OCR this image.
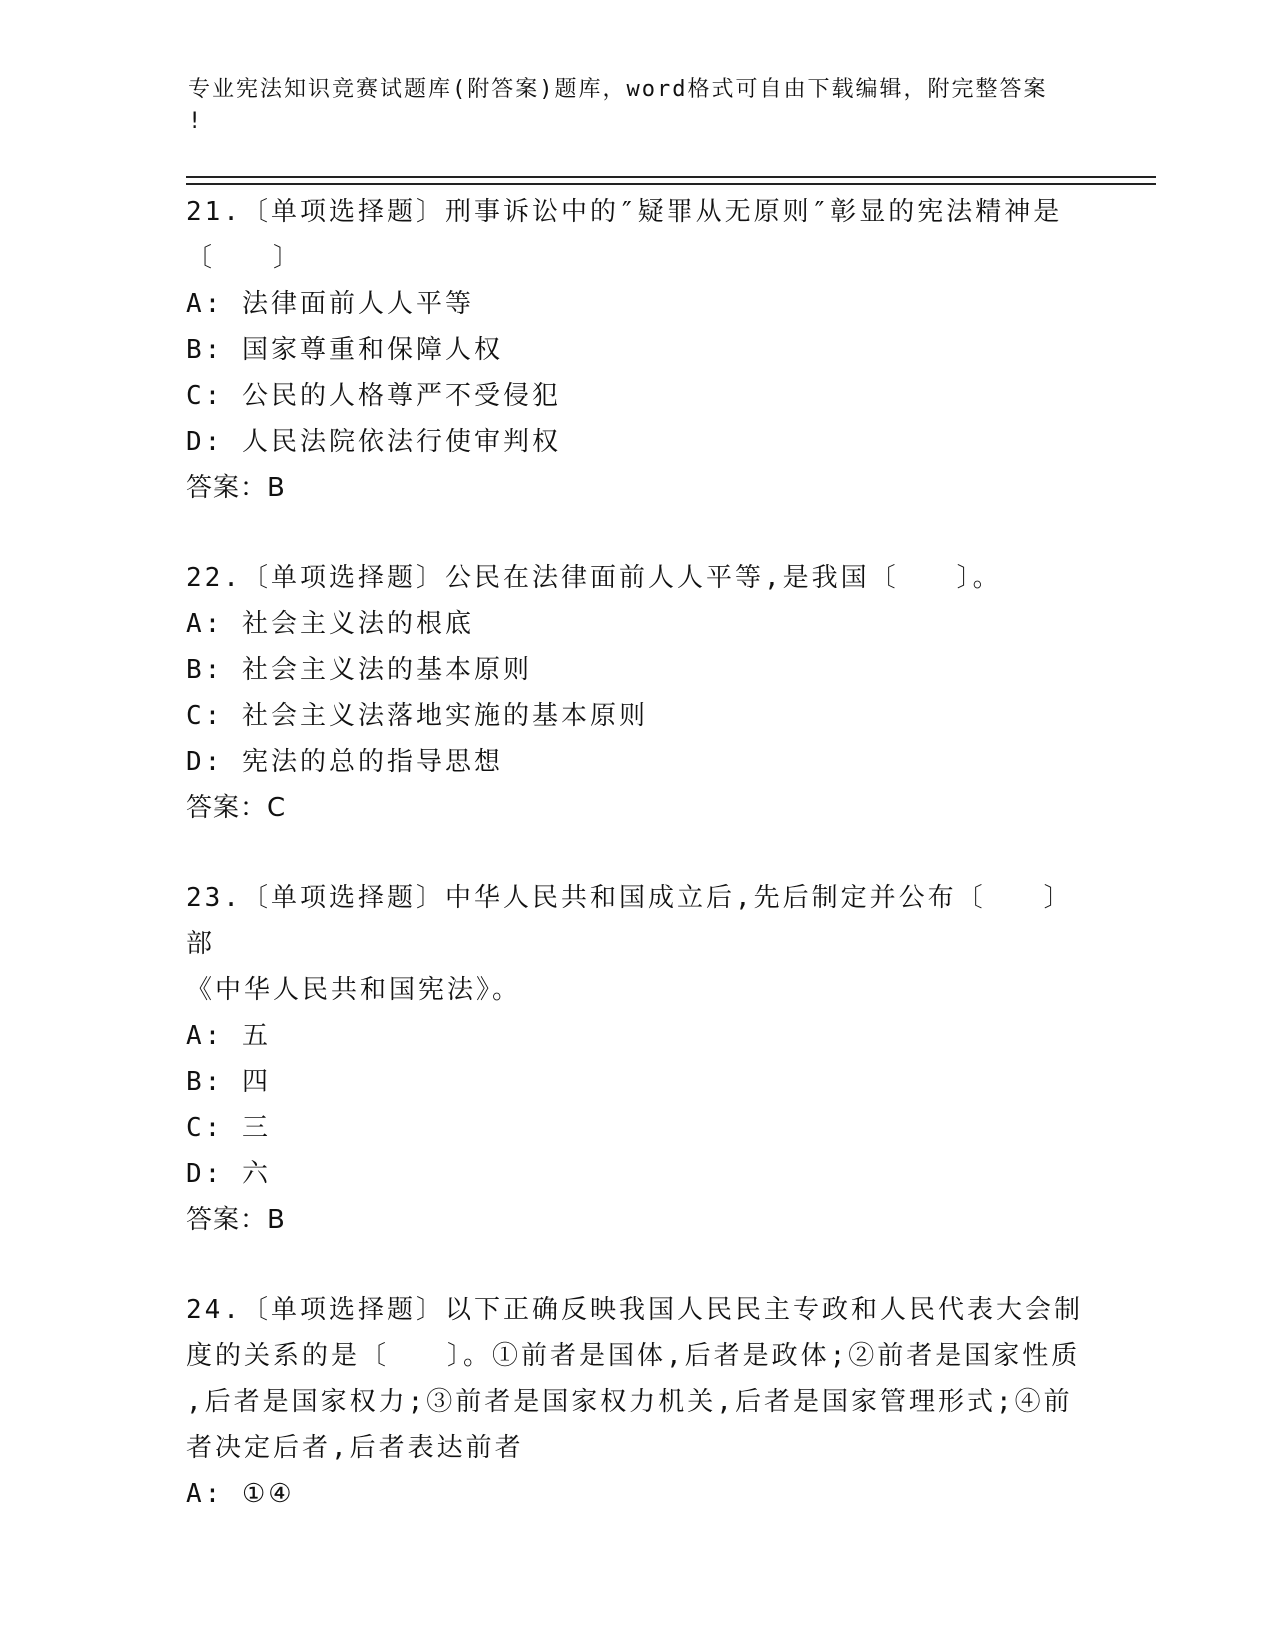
专业宪法知识竞赛试题库(附答案)题库，word格式可自由下载编辑，附完整答案
!

21.〔单项选择题〕刑事诉讼中的″疑罪从无原则″彰显的宪法精神是

〔　　〕

A: 法律面前人人平等

B: 国家尊重和保障人权

C: 公民的人格尊严不受侵犯

D: 人民法院依法行使审判权

答案：B

22.〔单项选择题〕公民在法律面前人人平等,是我国〔　　〕。

A: 社会主义法的根底

B: 社会主义法的基本原则

C: 社会主义法落地实施的基本原则

D: 宪法的总的指导思想

答案：C

23.〔单项选择题〕中华人民共和国成立后,先后制定并公布〔　　〕部

《中华人民共和国宪法》。

A: 五

B: 四

C: 三

D: 六

答案：B

24.〔单项选择题〕以下正确反映我国人民民主专政和人民代表大会制

度的关系的是〔　　〕。①前者是国体,后者是政体;②前者是国家性质

,后者是国家权力;③前者是国家权力机关,后者是国家管理形式;④前

者决定后者,后者表达前者

A: ①④
